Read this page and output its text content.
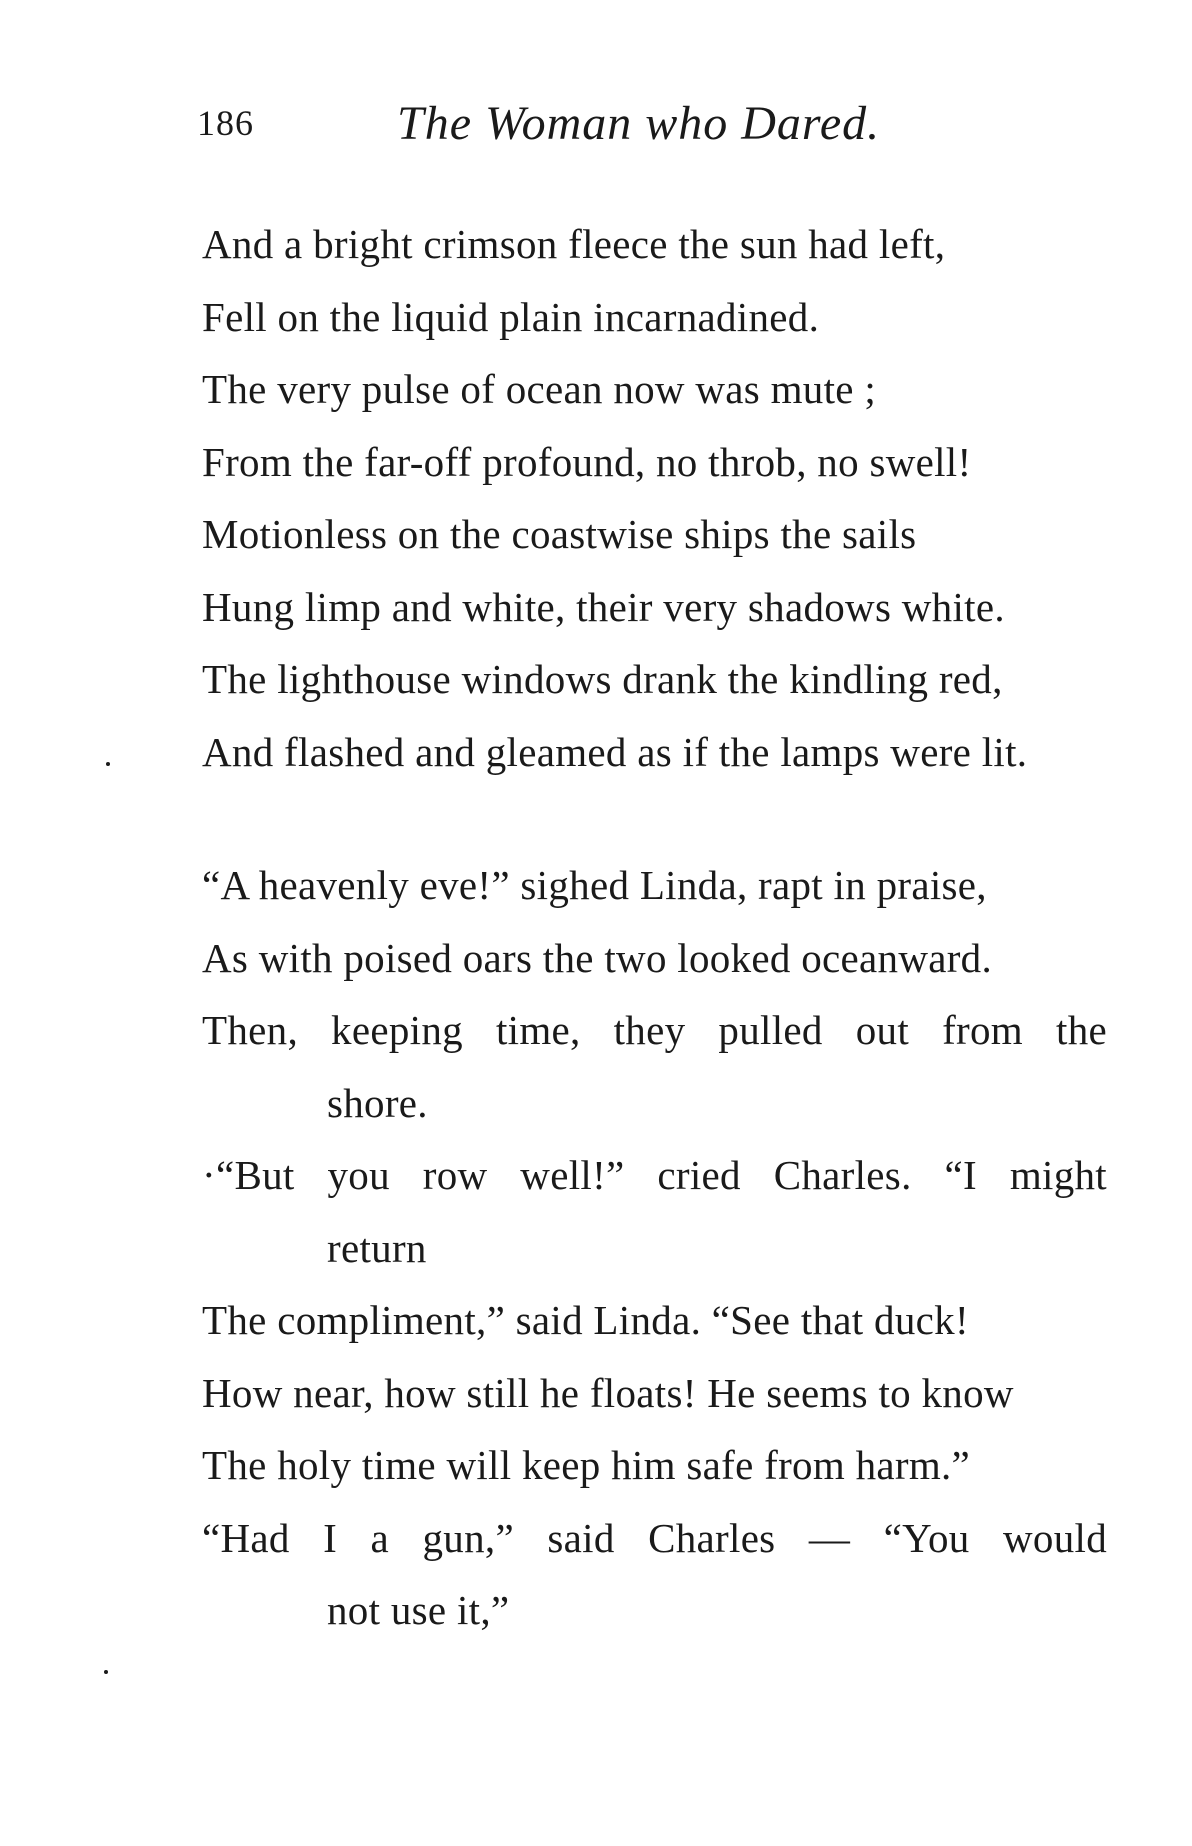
186	The Woman who Dared.
And a bright crimson fleece the sun had left,
Fell on the liquid plain incarnadined.
The very pulse of ocean now was mute ;
From the far-off profound, no throb, no swell!
Motionless on the coastwise ships the sails
Hung limp and white, their very shadows white.
The lighthouse windows drank the kindling red,
And flashed and gleamed as if the lamps were lit.
“A heavenly eve!” sighed Linda, rapt in praise,
As with poised oars the two looked oceanward.
Then, keeping time, they pulled out from the
shore.
·“But you row well!” cried Charles. “I might
return
The compliment,” said Linda. “See that duck!
How near, how still he floats! He seems to know
The holy time will keep him safe from harm.”
“Had I a gun,” said Charles — “You would
not use it,”
